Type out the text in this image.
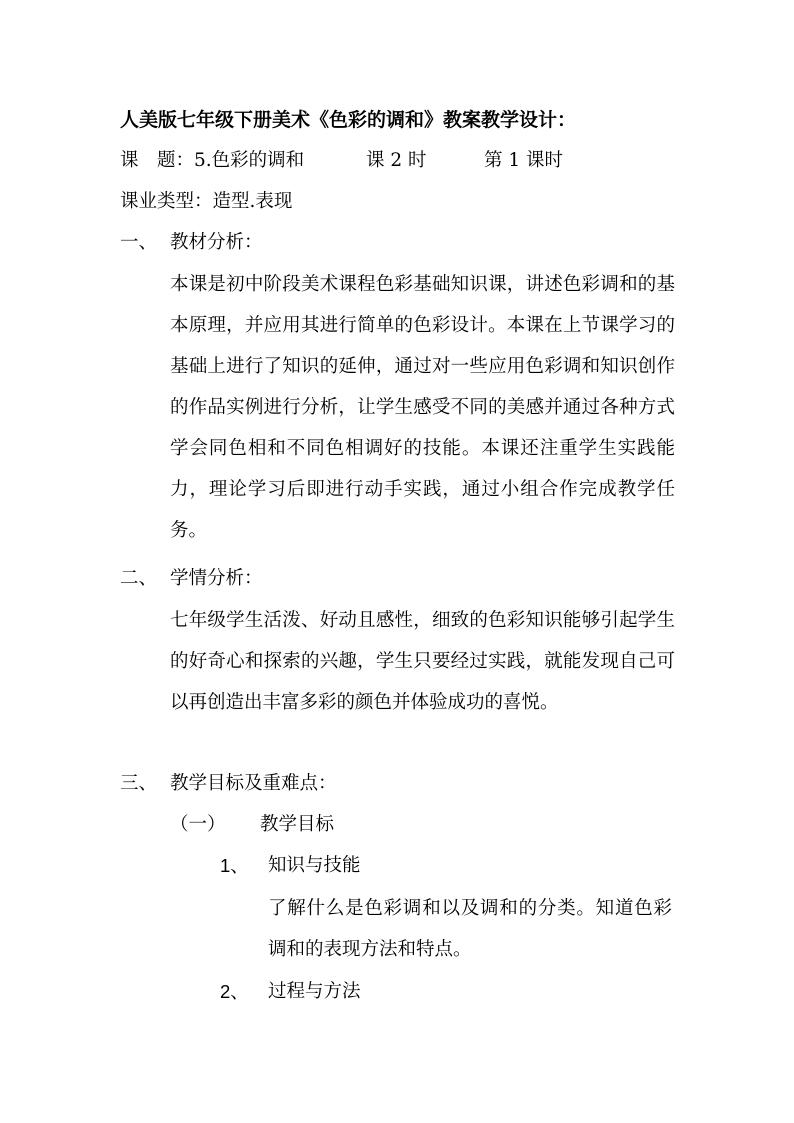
人美版七年级下册美术《色彩的调和》教案教学设计：
课　题：5.色彩的调和	课 2 时	第 1 课时
课业类型：造型.表现
一、 教材分析：
本课是初中阶段美术课程色彩基础知识课，讲述色彩调和的基本原理，并应用其进行简单的色彩设计。本课在上节课学习的基础上进行了知识的延伸，通过对一些应用色彩调和知识创作的作品实例进行分析，让学生感受不同的美感并通过各种方式学会同色相和不同色相调好的技能。本课还注重学生实践能力，理论学习后即进行动手实践，通过小组合作完成教学任务。
二、 学情分析：
七年级学生活泼、好动且感性，细致的色彩知识能够引起学生的好奇心和探索的兴趣，学生只要经过实践，就能发现自己可以再创造出丰富多彩的颜色并体验成功的喜悦。
三、 教学目标及重难点：
（一） 教学目标
1、 知识与技能
了解什么是色彩调和以及调和的分类。知道色彩调和的表现方法和特点。
2、 过程与方法
